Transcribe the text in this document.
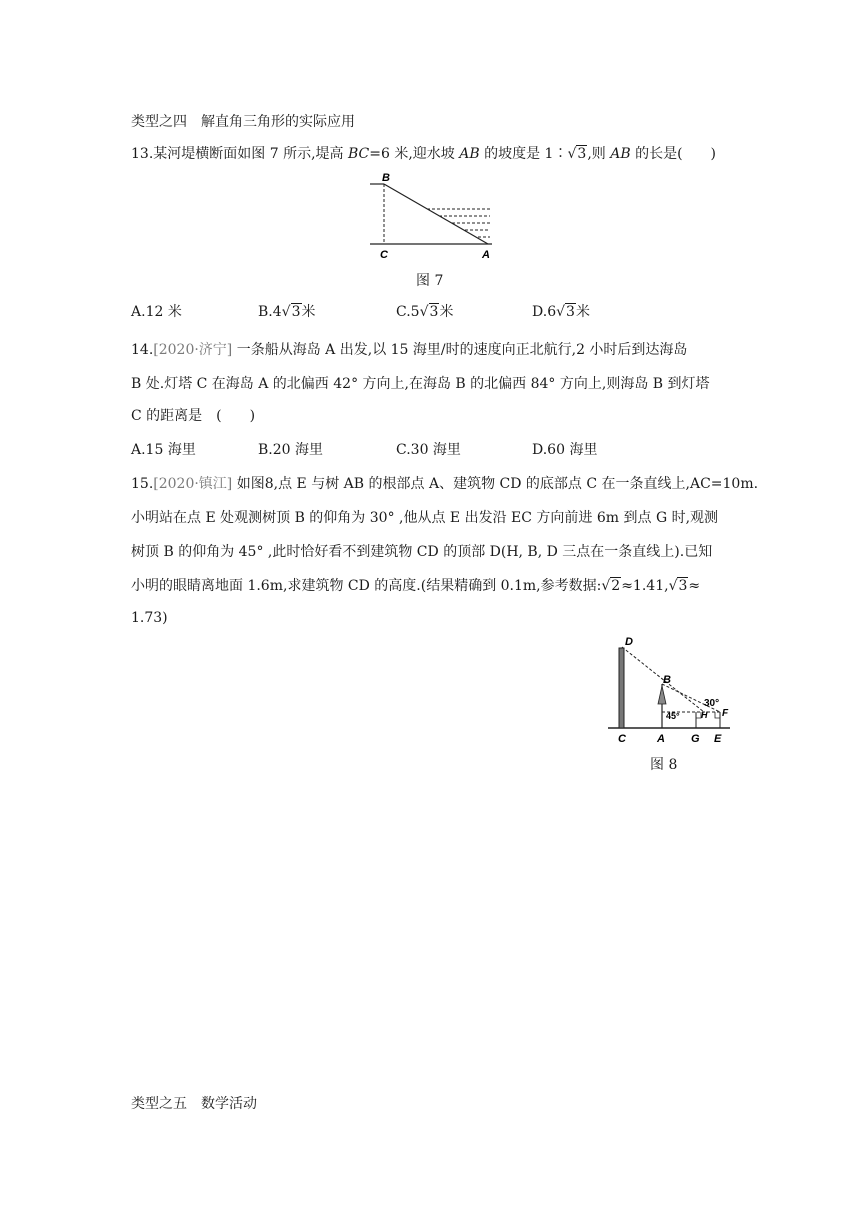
类型之四　解直角三角形的实际应用
13.某河堤横断面如图 7 所示,堤高 BC=6 米,迎水坡 AB 的坡度是 1∶√3,则 AB 的长是(　　)
B
C	A
图 7
A.12 米	B.4√3米	C.5√3米	D.6√3米
14.[2020·济宁] 一条船从海岛 A 出发,以 15 海里/时的速度向正北航行,2 小时后到达海岛
B 处.灯塔 C 在海岛 A 的北偏西 42° 方向上,在海岛 B 的北偏西 84° 方向上,则海岛 B 到灯塔
C 的距离是　(　　)
A.15 海里	B.20 海里	C.30 海里	D.60 海里
15.[2020·镇江] 如图8,点 E 与树 AB 的根部点 A、建筑物 CD 的底部点 C 在一条直线上,AC=10m.
小明站在点 E 处观测树顶 B 的仰角为 30° ,他从点 E 出发沿 EC 方向前进 6m 到点 G 时,观测
树顶 B 的仰角为 45° ,此时恰好看不到建筑物 CD 的顶部 D(H, B, D 三点在一条直线上).已知
小明的眼睛离地面 1.6m,求建筑物 CD 的高度.(结果精确到 0.1m,参考数据:√2≈1.41,√3≈
1.73)
D
B
C	A G E
H F
45°
30°
图 8
类型之五　数学活动
